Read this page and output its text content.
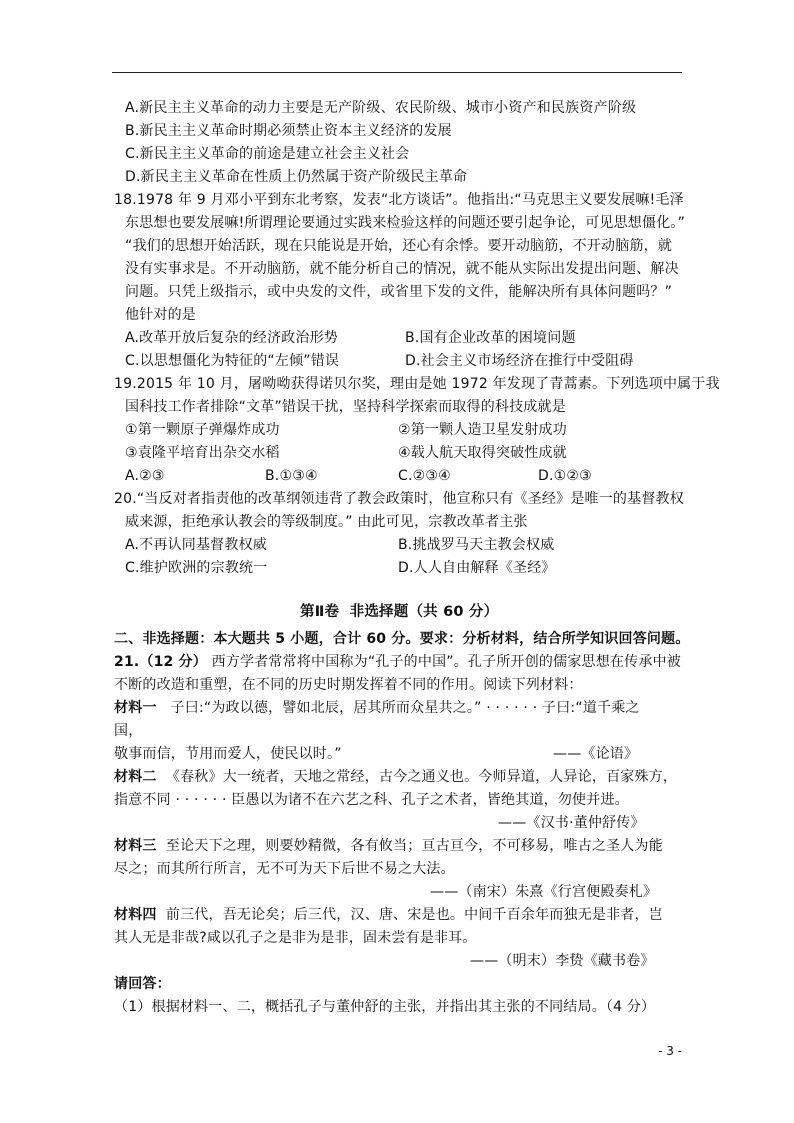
A.新民主主义革命的动力主要是无产阶级、农民阶级、城市小资产和民族资产阶级
B.新民主主义革命时期必须禁止资本主义经济的发展
C.新民主主义革命的前途是建立社会主义社会
D.新民主主义革命在性质上仍然属于资产阶级民主革命
18.1978 年 9 月邓小平到东北考察，发表“北方谈话”。他指出:“马克思主义要发展嘛!毛泽
东思想也要发展嘛!所谓理论要通过实践来检验这样的问题还要引起争论，可见思想僵化。”
“我们的思想开始活跃，现在只能说是开始，还心有余悸。要开动脑筋，不开动脑筋，就
没有实事求是。不开动脑筋，就不能分析自己的情况，就不能从实际出发提出问题、解决
问题。只凭上级指示，或中央发的文件，或省里下发的文件，能解决所有具体问题吗？”
他针对的是
A.改革开放后复杂的经济政治形势	B.国有企业改革的困境问题
C.以思想僵化为特征的“左倾”错误	D.社会主义市场经济在推行中受阻碍
19.2015 年 10 月，屠呦呦获得诺贝尔奖，理由是她 1972 年发现了青蒿素。下列选项中属于我
国科技工作者排除“文革”错误干扰，坚持科学探索而取得的科技成就是
①第一颗原子弹爆炸成功	②第一颗人造卫星发射成功
③袁隆平培育出杂交水稻	④载人航天取得突破性成就
A.②③	B.①③④	C.②③④	D.①②③
20.“当反对者指责他的改革纲领违背了教会政策时，他宣称只有《圣经》是唯一的基督教权
威来源，拒绝承认教会的等级制度。” 由此可见，宗教改革者主张
A.不再认同基督教权威	B.挑战罗马天主教会权威
C.维护欧洲的宗教统一	D.人人自由解释《圣经》
第Ⅱ卷  非选择题（共 60 分）
二、非选择题：本大题共 5 小题，合计 60 分。要求：分析材料，结合所学知识回答问题。
21.（12 分） 西方学者常常将中国称为“孔子的中国”。孔子所开创的儒家思想在传承中被
不断的改造和重塑，在不同的历史时期发挥着不同的作用。阅读下列材料：
材料一   子曰:“为政以德，譬如北辰，居其所而众星共之。” · · · · · · 子曰:“道千乘之
国，
敬事而信，节用而爱人，使民以时。”	——《论语》
材料二  《春秋》大一统者，天地之常经，古今之通义也。今师异道，人异论，百家殊方，
指意不同 · · · · · · 臣愚以为诸不在六艺之科、孔子之术者，皆绝其道，勿使并进。
——《汉书·董仲舒传》
材料三  至论天下之理，则要妙精微，各有攸当；亘古亘今，不可移易，唯古之圣人为能
尽之；而其所行所言，无不可为天下后世不易之大法。
——（南宋）朱熹《行宫便殿奏札》
材料四  前三代，吾无论矣；后三代，汉、唐、宋是也。中间千百余年而独无是非者，岂
其人无是非哉?咸以孔子之是非为是非，固未尝有是非耳。
——（明末）李贽《藏书卷》
请回答：
（1）根据材料一、二，概括孔子与董仲舒的主张，并指出其主张的不同结局。（4 分）
- 3 -
